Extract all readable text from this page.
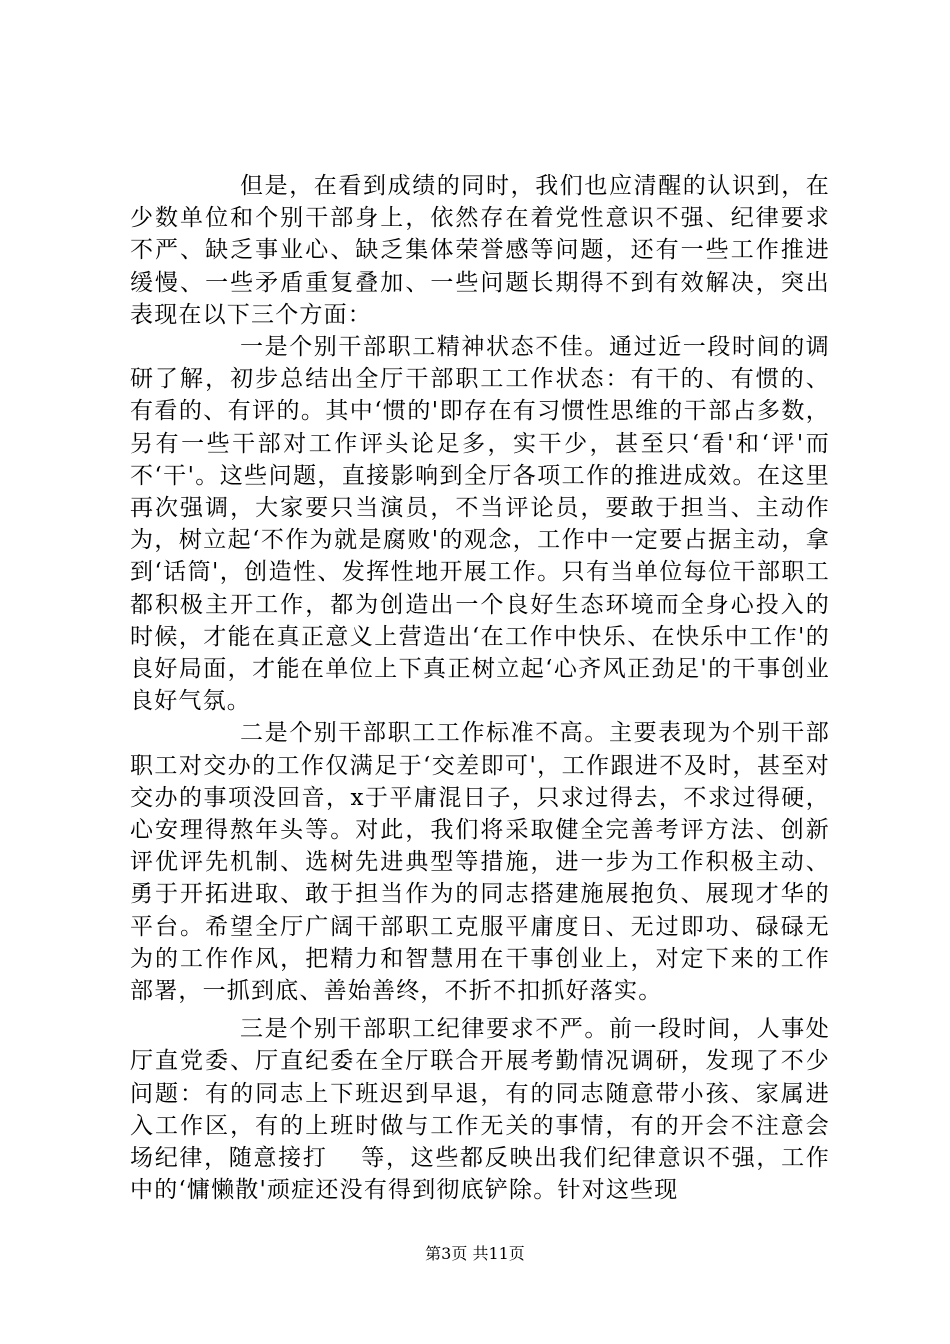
但是，在看到成绩的同时，我们也应清醒的认识到，在少数单位和个别干部身上，依然存在着党性意识不强、纪律要求不严、缺乏事业心、缺乏集体荣誉感等问题，还有一些工作推进缓慢、一些矛盾重复叠加、一些问题长期得不到有效解决，突出表现在以下三个方面：

一是个别干部职工精神状态不佳。通过近一段时间的调研了解，初步总结出全厅干部职工工作状态：有干的、有惯的、有看的、有评的。其中‘惯的'即存在有习惯性思维的干部占多数，另有一些干部对工作评头论足多，实干少，甚至只‘看'和‘评'而不‘干'。这些问题，直接影响到全厅各项工作的推进成效。在这里再次强调，大家要只当演员，不当评论员，要敢于担当、主动作为，树立起‘不作为就是腐败'的观念，工作中一定要占据主动，拿到‘话筒'，创造性、发挥性地开展工作。只有当单位每位干部职工都积极主开工作，都为创造出一个良好生态环境而全身心投入的时候，才能在真正意义上营造出‘在工作中快乐、在快乐中工作'的良好局面，才能在单位上下真正树立起‘心齐风正劲足'的干事创业良好气氛。

二是个别干部职工工作标准不高。主要表现为个别干部职工对交办的工作仅满足于‘交差即可'，工作跟进不及时，甚至对交办的事项没回音，x于平庸混日子，只求过得去，不求过得硬，心安理得熬年头等。对此，我们将采取健全完善考评方法、创新评优评先机制、选树先进典型等措施，进一步为工作积极主动、勇于开拓进取、敢于担当作为的同志搭建施展抱负、展现才华的平台。希望全厅广阔干部职工克服平庸度日、无过即功、碌碌无为的工作作风，把精力和智慧用在干事创业上，对定下来的工作部署，一抓到底、善始善终，不折不扣抓好落实。

三是个别干部职工纪律要求不严。前一段时间，人事处厅直党委、厅直纪委在全厅联合开展考勤情况调研，发现了不少问题：有的同志上下班迟到早退，有的同志随意带小孩、家属进入工作区，有的上班时做与工作无关的事情，有的开会不注意会场纪律，随意接打　 等，这些都反映出我们纪律意识不强，工作中的‘慵懒散'顽症还没有得到彻底铲除。针对这些现

第3页 共11页
